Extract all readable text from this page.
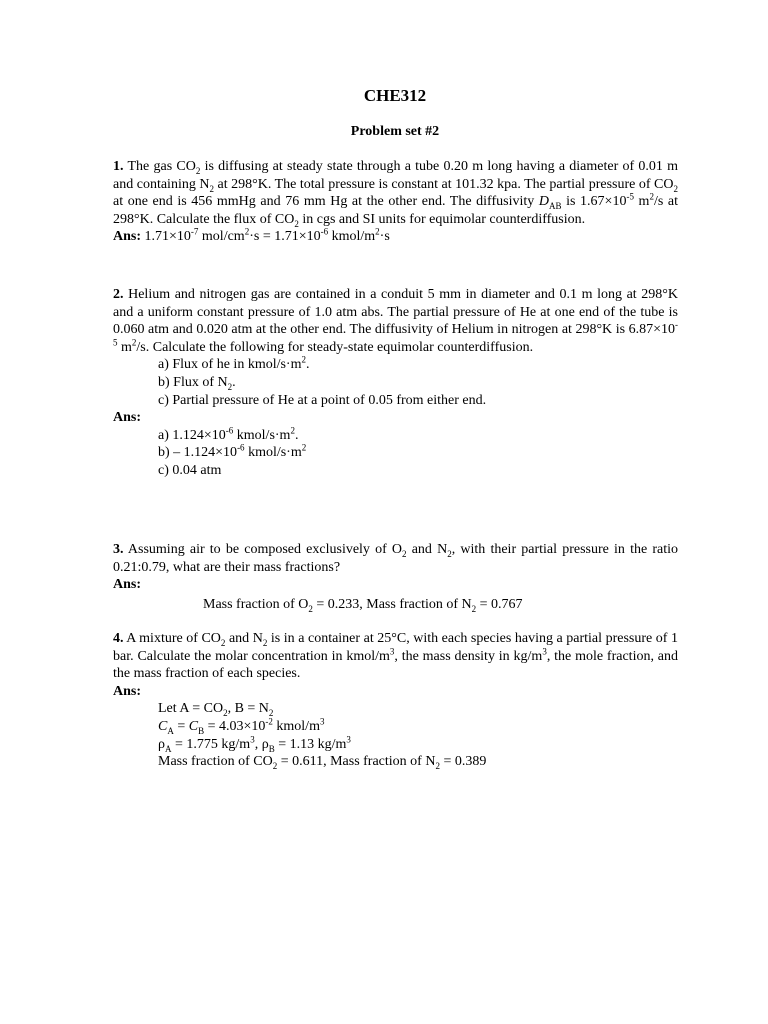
CHE312
Problem set #2

1. The gas $CO_2$ is diffusing at steady state through a tube 0.20 m long having a diameter of 0.01 m and containing $N_2$ at 298°K. The total pressure is constant at 101.32 kpa. The partial pressure of $CO_2$ at one end is 456 mmHg and 76 mm Hg at the other end. The diffusivity $D_{AB}$ is $1.67\times 10^{-5}$ $m^2/s$ at 298°K. Calculate the flux of $CO_2$ in cgs and SI units for equimolar counterdiffusion.

Ans: $1.71\times 10^{-7}$ mol/$cm^2\cdot s = 1.71\times 10^{-6}$ kmol/$m^2\cdot s$

2. Helium and nitrogen gas are contained in a conduit 5 mm in diameter and 0.1 m long at 298°K and a uniform constant pressure of 1.0 atm abs. The partial pressure of He at one end of the tube is 0.060 atm and 0.020 atm at the other end. The diffusivity of Helium in nitrogen at 298°K is $6.87\times 10^{-5}$ $m^2/s$. Calculate the following for steady-state equimolar counterdiffusion.

a) Flux of he in kmol/$s\cdot m^2$.

b) Flux of $N_2$.

c) Partial pressure of He at a point of 0.05 from either end.

Ans:

a) $1.124\times 10^{-6}$ kmol/$s\cdot m^2$.

$b) - 1.124\times 10^{-6}$ kmol/$s\cdot m^2$

c) 0.04 atm

3. Assuming air to be composed exclusively of $O_2$ and $N_2$, with their partial pressure in the ratio 0.21:0.79, what are their mass fractions?

Ans:

Mass fraction of $O_2 = 0.233$, Mass fraction of $N_2 = 0.767$

4. A mixture of $CO_2$ and $N_2$ is in a container at 25°C, with each species having a partial pressure of 1 bar. Calculate the molar concentration in kmol/$m^3$, the mass density in $kg/m^3$, the mole fraction, and the mass fraction of each species.

Ans:

Let $A = CO_2$, $B = N_2$

$C_A = C_B = 4.03\times 10^{-2}$ kmol/$m^3$

$\rho_A = 1.775$ $kg/m^3$, $\rho_B = 1.13$ $kg/m^3$

Mass fraction of $CO_2 = 0.611$, Mass fraction of $N_2 = 0.389$
